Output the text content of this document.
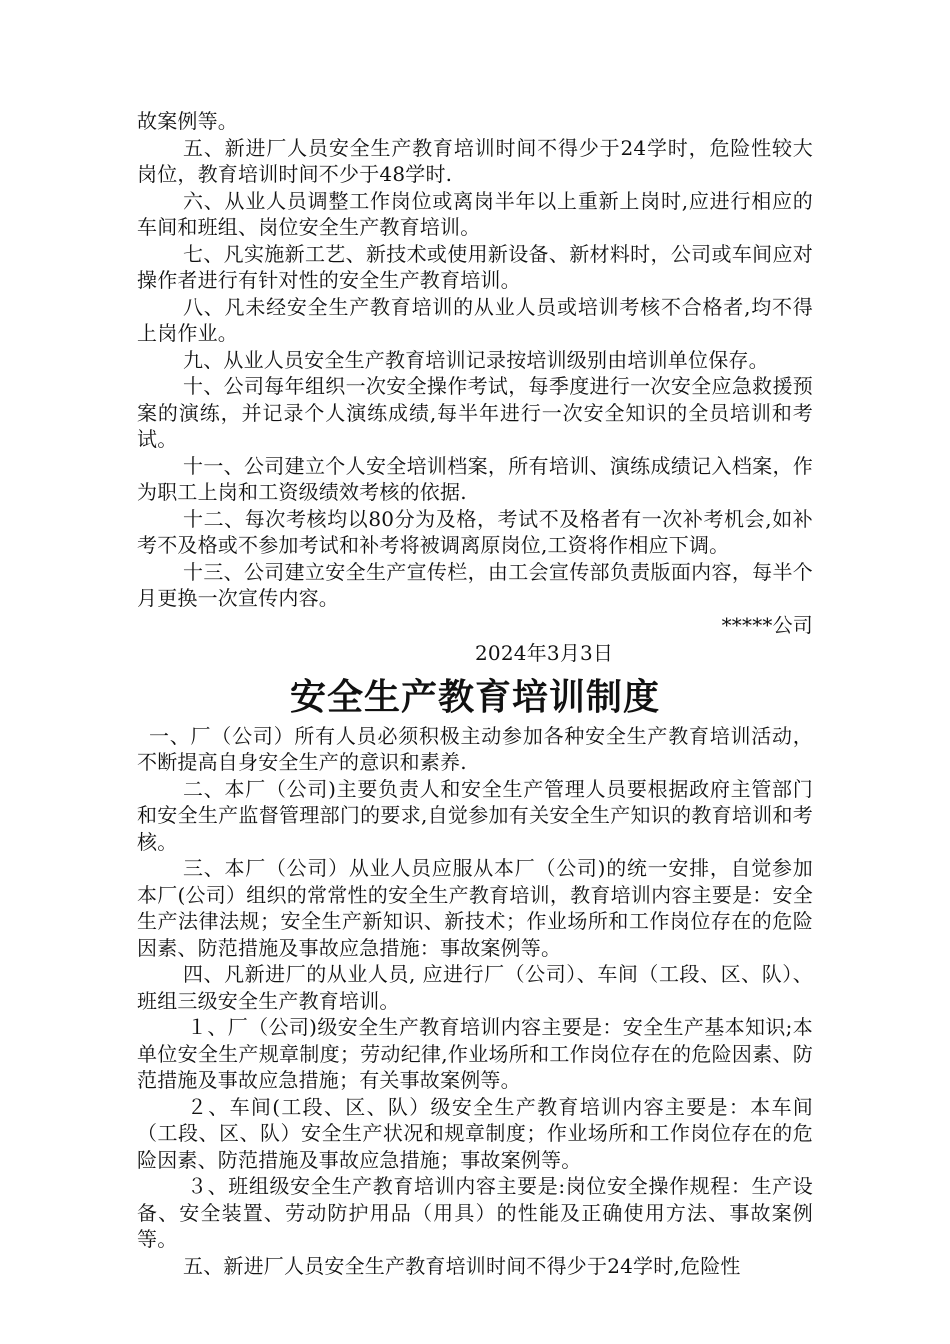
故案例等。

五、新进厂人员安全生产教育培训时间不得少于24学时，危险性较大岗位，教育培训时间不少于48学时.

六、从业人员调整工作岗位或离岗半年以上重新上岗时,应进行相应的车间和班组、岗位安全生产教育培训。

七、凡实施新工艺、新技术或使用新设备、新材料时，公司或车间应对操作者进行有针对性的安全生产教育培训。

八、凡未经安全生产教育培训的从业人员或培训考核不合格者,均不得上岗作业。

九、从业人员安全生产教育培训记录按培训级别由培训单位保存。

十、公司每年组织一次安全操作考试，每季度进行一次安全应急救援预案的演练，并记录个人演练成绩,每半年进行一次安全知识的全员培训和考试。

十一、公司建立个人安全培训档案，所有培训、演练成绩记入档案，作为职工上岗和工资级绩效考核的依据.

十二、每次考核均以80分为及格，考试不及格者有一次补考机会,如补考不及格或不参加考试和补考将被调离原岗位,工资将作相应下调。

十三、公司建立安全生产宣传栏，由工会宣传部负责版面内容，每半个月更换一次宣传内容。

*****公司

2024年3月3日

安全生产教育培训制度

一、厂（公司）所有人员必须积极主动参加各种安全生产教育培训活动，不断提高自身安全生产的意识和素养.

二、本厂（公司)主要负责人和安全生产管理人员要根据政府主管部门和安全生产监督管理部门的要求,自觉参加有关安全生产知识的教育培训和考核。

三、本厂（公司）从业人员应服从本厂（公司)的统一安排，自觉参加本厂(公司）组织的常常性的安全生产教育培训，教育培训内容主要是：安全生产法律法规；安全生产新知识、新技术；作业场所和工作岗位存在的危险因素、防范措施及事故应急措施：事故案例等。

四、凡新进厂的从业人员, 应进行厂（公司）、车间（工段、区、队）、班组三级安全生产教育培训。

１、厂（公司)级安全生产教育培训内容主要是：安全生产基本知识;本单位安全生产规章制度；劳动纪律,作业场所和工作岗位存在的危险因素、防范措施及事故应急措施；有关事故案例等。

２、车间(工段、区、队）级安全生产教育培训内容主要是：本车间（工段、区、队）安全生产状况和规章制度；作业场所和工作岗位存在的危险因素、防范措施及事故应急措施；事故案例等。

３、班组级安全生产教育培训内容主要是:岗位安全操作规程：生产设备、安全装置、劳动防护用品（用具）的性能及正确使用方法、事故案例等。

五、新进厂人员安全生产教育培训时间不得少于24学时,危险性
